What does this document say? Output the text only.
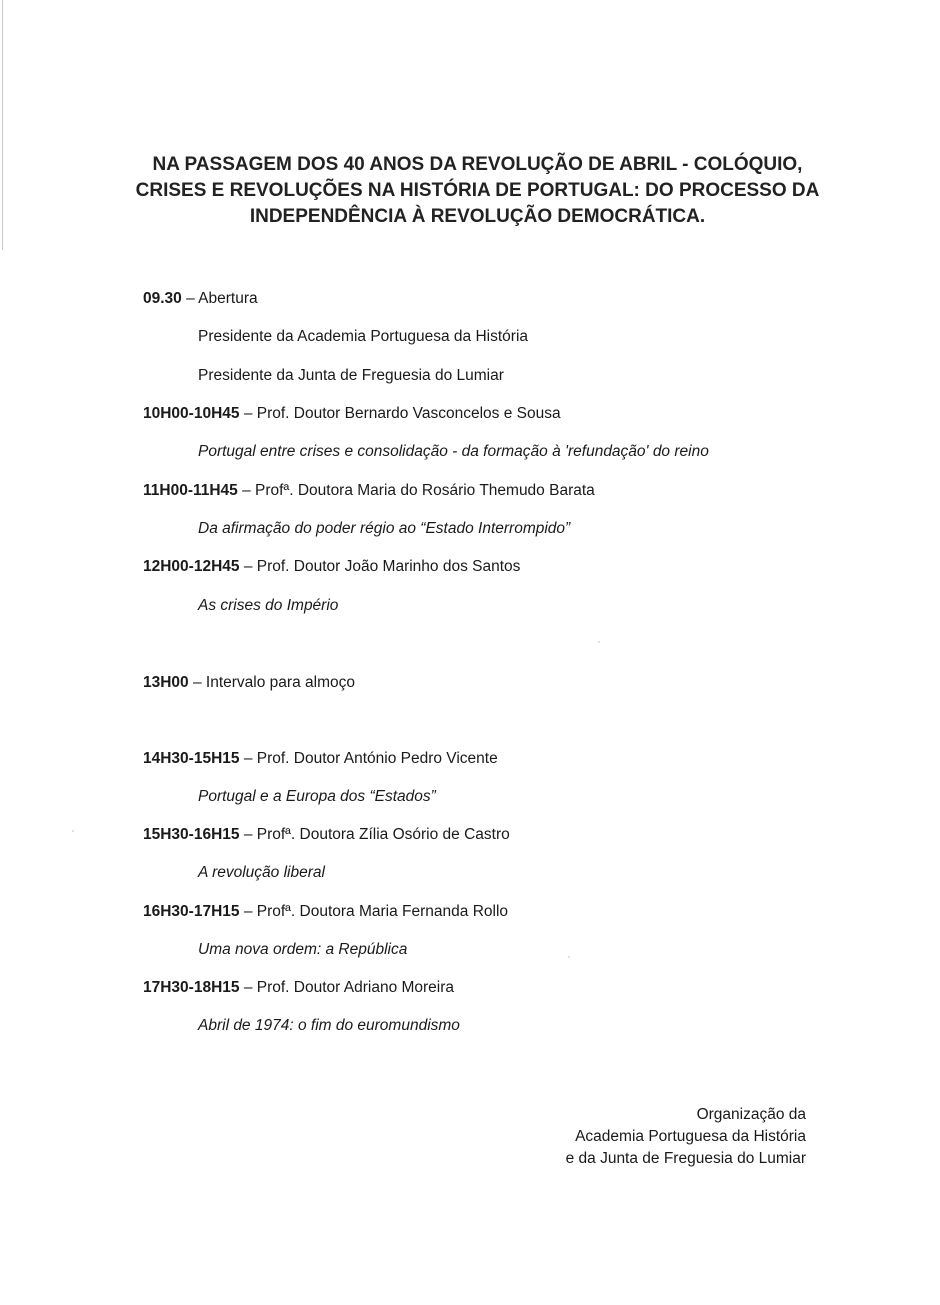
NA PASSAGEM DOS 40 ANOS DA REVOLUÇÃO DE ABRIL - COLÓQUIO,
CRISES E REVOLUÇÕES NA HISTÓRIA DE PORTUGAL: DO PROCESSO DA
INDEPENDÊNCIA À REVOLUÇÃO DEMOCRÁTICA.
09.30 – Abertura
Presidente da Academia Portuguesa da História
Presidente da Junta de Freguesia do Lumiar
10H00-10H45 – Prof. Doutor Bernardo Vasconcelos e Sousa
Portugal entre crises e consolidação - da formação à 'refundação' do reino
11H00-11H45 – Profª. Doutora Maria do Rosário Themudo Barata
Da afirmação do poder régio ao “Estado Interrompido”
12H00-12H45 – Prof. Doutor João Marinho dos Santos
As crises do Império
13H00 – Intervalo para almoço
14H30-15H15 – Prof. Doutor António Pedro Vicente
Portugal e a Europa dos “Estados”
15H30-16H15 – Profª. Doutora Zília Osório de Castro
A revolução liberal
16H30-17H15 – Profª. Doutora Maria Fernanda Rollo
Uma nova ordem: a República
17H30-18H15 – Prof. Doutor Adriano Moreira
Abril de 1974: o fim do euromundismo
Organização da
Academia Portuguesa da História
e da Junta de Freguesia do Lumiar
